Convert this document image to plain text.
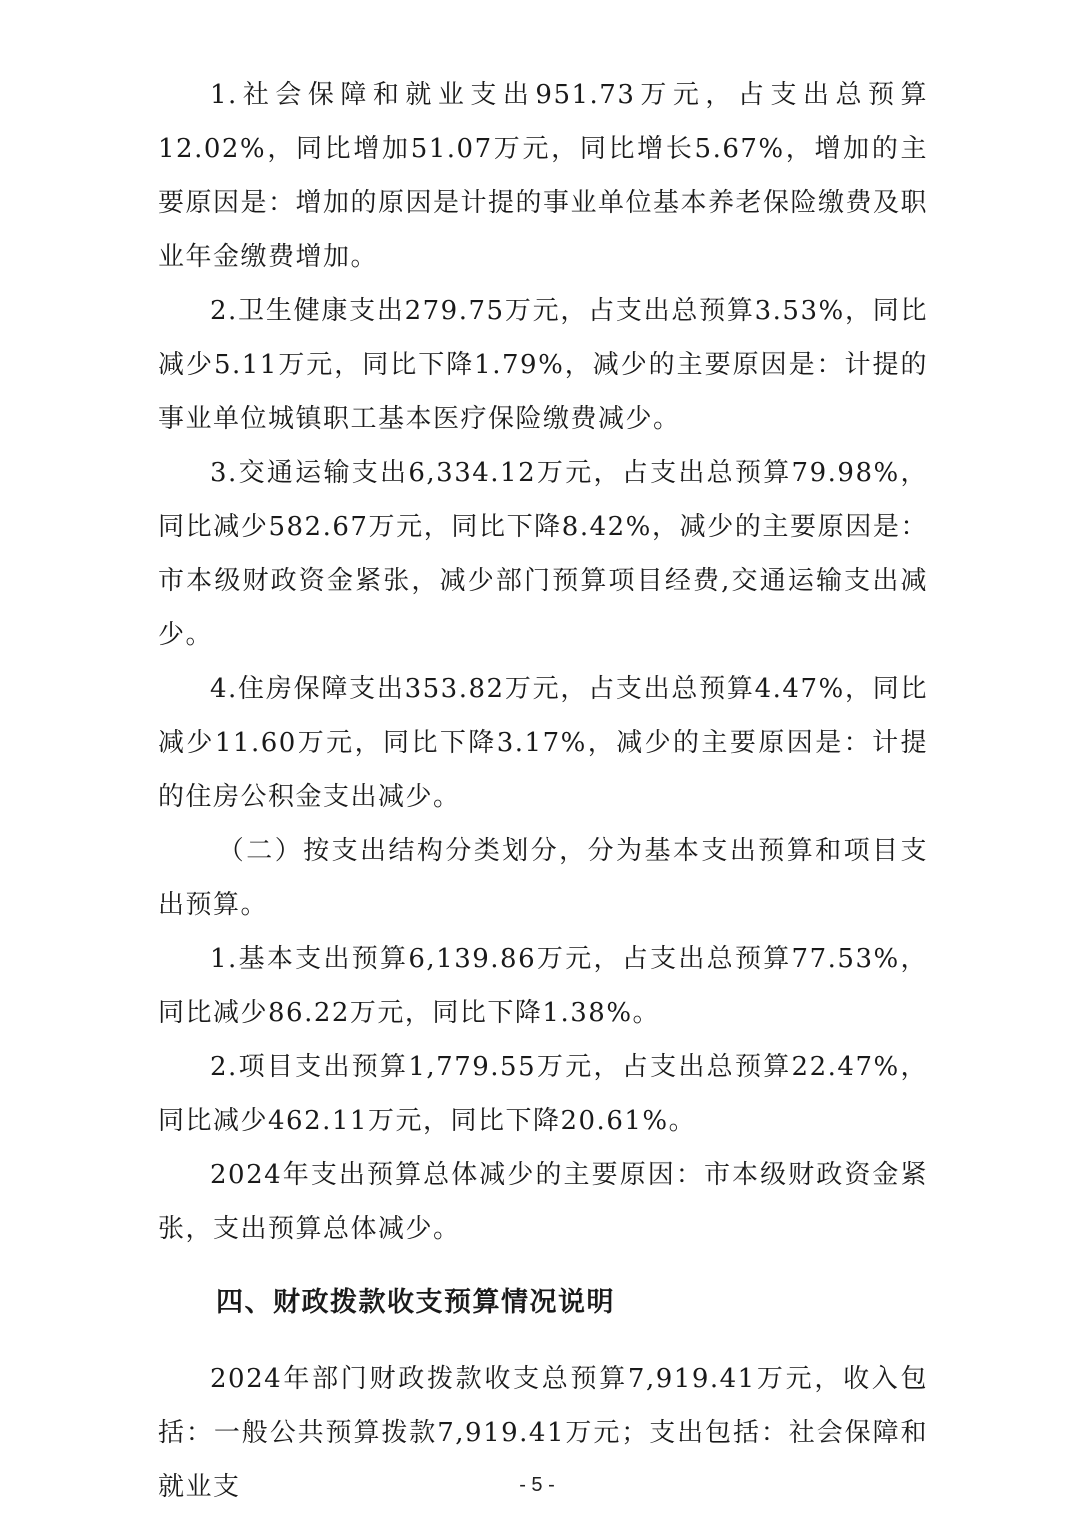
1.社会保障和就业支出951.73万元，占支出总预算12.02%，同比增加51.07万元，同比增长5.67%，增加的主要原因是：增加的原因是计提的事业单位基本养老保险缴费及职业年金缴费增加。

2.卫生健康支出279.75万元，占支出总预算3.53%，同比减少5.11万元，同比下降1.79%，减少的主要原因是：计提的事业单位城镇职工基本医疗保险缴费减少。

3.交通运输支出6,334.12万元，占支出总预算79.98%，同比减少582.67万元，同比下降8.42%，减少的主要原因是：市本级财政资金紧张，减少部门预算项目经费,交通运输支出减少。

4.住房保障支出353.82万元，占支出总预算4.47%，同比减少11.60万元，同比下降3.17%，减少的主要原因是：计提的住房公积金支出减少。

（二）按支出结构分类划分，分为基本支出预算和项目支出预算。

1.基本支出预算6,139.86万元，占支出总预算77.53%，同比减少86.22万元，同比下降1.38%。

2.项目支出预算1,779.55万元，占支出总预算22.47%，同比减少462.11万元，同比下降20.61%。

2024年支出预算总体减少的主要原因：市本级财政资金紧张，支出预算总体减少。

四、财政拨款收支预算情况说明

2024年部门财政拨款收支总预算7,919.41万元，收入包括：一般公共预算拨款7,919.41万元；支出包括：社会保障和就业支	- 5 -
